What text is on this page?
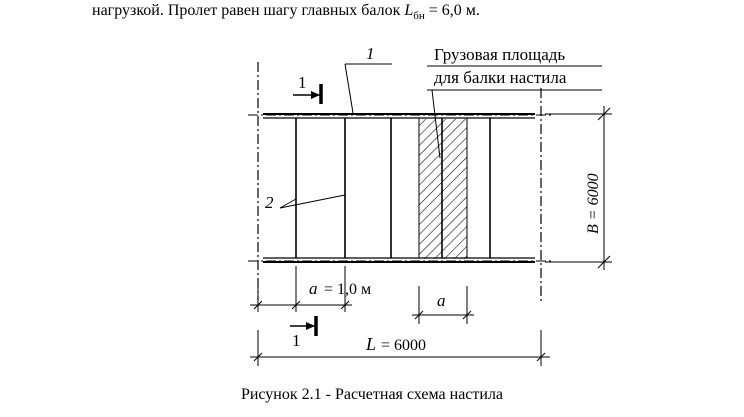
нагрузкой. Пролет равен шагу главных балок $L_{бн} = 6,0$ м.
1	Грузовая площадь
для балки настила
2
1
1
B = 6000
a = 1,0 м
a
L = 6000
Рисунок 2.1 - Расчетная схема настила
